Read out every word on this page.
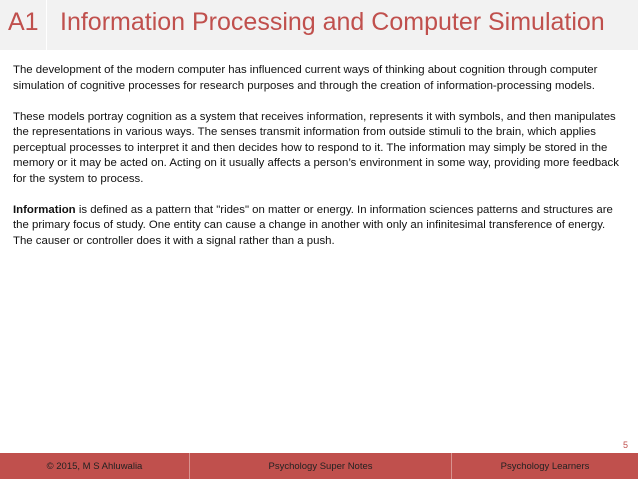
A1 Information Processing and Computer Simulation

The development of the modern computer has influenced current ways of thinking about cognition through computer simulation of cognitive processes for research purposes and through the creation of information-processing models.

These models portray cognition as a system that receives information, represents it with symbols, and then manipulates the representations in various ways. The senses transmit information from outside stimuli to the brain, which applies perceptual processes to interpret it and then decides how to respond to it. The information may simply be stored in the memory or it may be acted on. Acting on it usually affects a person’s environment in some way, providing more feedback for the system to process.

Information is defined as a pattern that "rides" on matter or energy. In information sciences patterns and structures are the primary focus of study. One entity can cause a change in another with only an infinitesimal transference of energy. The causer or controller does it with a signal rather than a push.

5
© 2015, M S Ahluwalia	Psychology Super Notes	Psychology Learners
